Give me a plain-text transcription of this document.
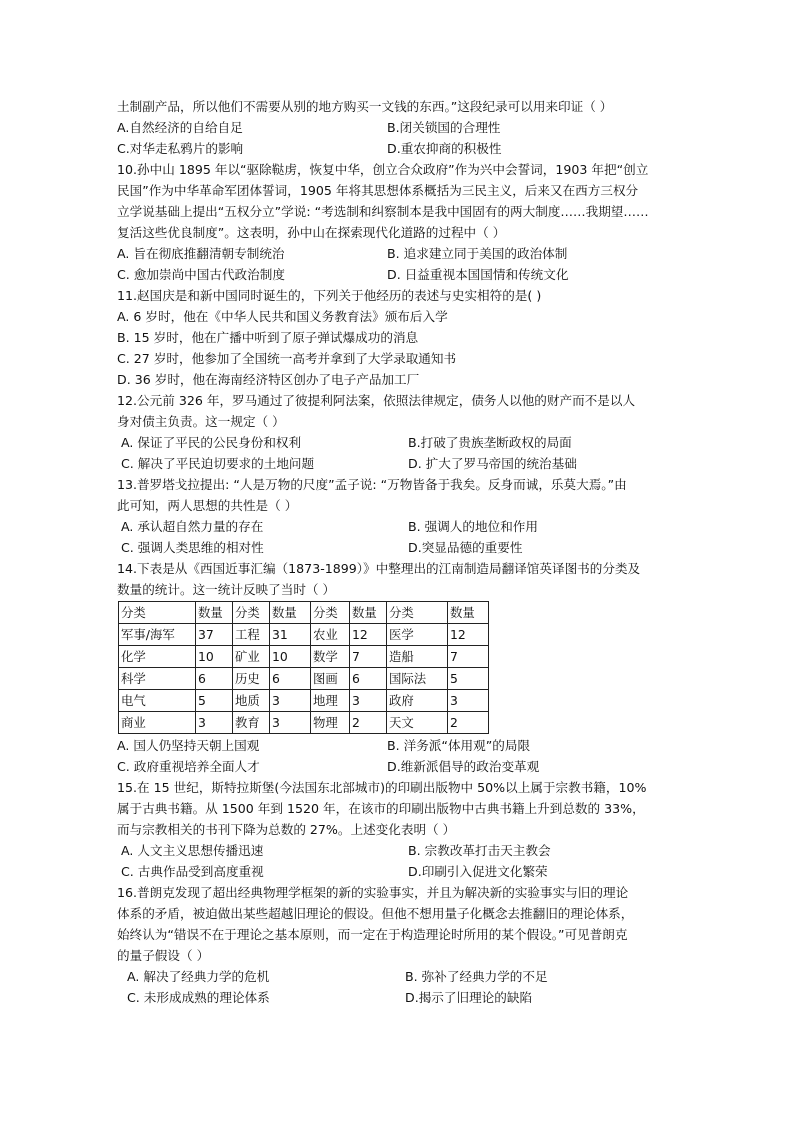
土制副产品，所以他们不需要从别的地方购买一文钱的东西。”这段纪录可以用来印证（ ）
A.自然经济的自给自足	B.闭关锁国的合理性
C.对华走私鸦片的影响	D.重农抑商的积极性
10.孙中山 1895 年以“驱除鞑虏，恢复中华，创立合众政府”作为兴中会誓词，1903 年把“创立
民国”作为中华革命军团体誓词，1905 年将其思想体系概括为三民主义，后来又在西方三权分
立学说基础上提出“五权分立”学说: “考选制和纠察制本是我中国固有的两大制度……我期望……
复活这些优良制度”。这表明，孙中山在探索现代化道路的过程中（ ）
A. 旨在彻底推翻清朝专制统治	B. 追求建立同于美国的政治体制
C. 愈加崇尚中国古代政治制度	D. 日益重视本国国情和传统文化
11.赵国庆是和新中国同时诞生的，下列关于他经历的表述与史实相符的是( )
A. 6 岁时，他在《中华人民共和国义务教育法》颁布后入学
B. 15 岁时，他在广播中听到了原子弹试爆成功的消息
C. 27 岁时，他参加了全国统一高考并拿到了大学录取通知书
D. 36 岁时，他在海南经济特区创办了电子产品加工厂
12.公元前 326 年，罗马通过了彼提利阿法案，依照法律规定，债务人以他的财产而不是以人
身对债主负责。这一规定（ ）
A. 保证了平民的公民身份和权利	B.打破了贵族垄断政权的局面
C. 解决了平民迫切要求的土地问题	D. 扩大了罗马帝国的统治基础
13.普罗塔戈拉提出: “人是万物的尺度”孟子说: “万物皆备于我矣。反身而诚，乐莫大焉。”由
此可知，两人思想的共性是（ ）
A. 承认超自然力量的存在	B. 强调人的地位和作用
C. 强调人类思维的相对性	D.突显品德的重要性
14.下表是从《西国近事汇编（1873-1899）》中整理出的江南制造局翻译馆英译图书的分类及
数量的统计。这一统计反映了当时（ ）
分类	数量	分类	数量	分类	数量	分类	数量
军事/海军	37	工程	31	农业	12	医学	12
化学	10	矿业	10	数学	7	造船	7
科学	6	历史	6	图画	6	国际法	5
电气	5	地质	3	地理	3	政府	3
商业	3	教育	3	物理	2	天文	2
A. 国人仍坚持天朝上国观	B. 洋务派“体用观”的局限
C. 政府重视培养全面人才	D.维新派倡导的政治变革观
15.在 15 世纪，斯特拉斯堡(今法国东北部城市)的印刷出版物中 50%以上属于宗教书籍，10%
属于古典书籍。从 1500 年到 1520 年，在该市的印刷出版物中古典书籍上升到总数的 33%，
而与宗教相关的书刊下降为总数的 27%。上述变化表明（ ）
A. 人文主义思想传播迅速	B. 宗教改革打击天主教会
C. 古典作品受到高度重视	D.印刷引入促进文化繁荣
16.普朗克发现了超出经典物理学框架的新的实验事实，并且为解决新的实验事实与旧的理论
体系的矛盾，被迫做出某些超越旧理论的假设。但他不想用量子化概念去推翻旧的理论体系，
始终认为“错误不在于理论之基本原则，而一定在于构造理论时所用的某个假设。”可见普朗克
的量子假设（ ）
A. 解决了经典力学的危机	B. 弥补了经典力学的不足
C. 未形成成熟的理论体系	D.揭示了旧理论的缺陷
